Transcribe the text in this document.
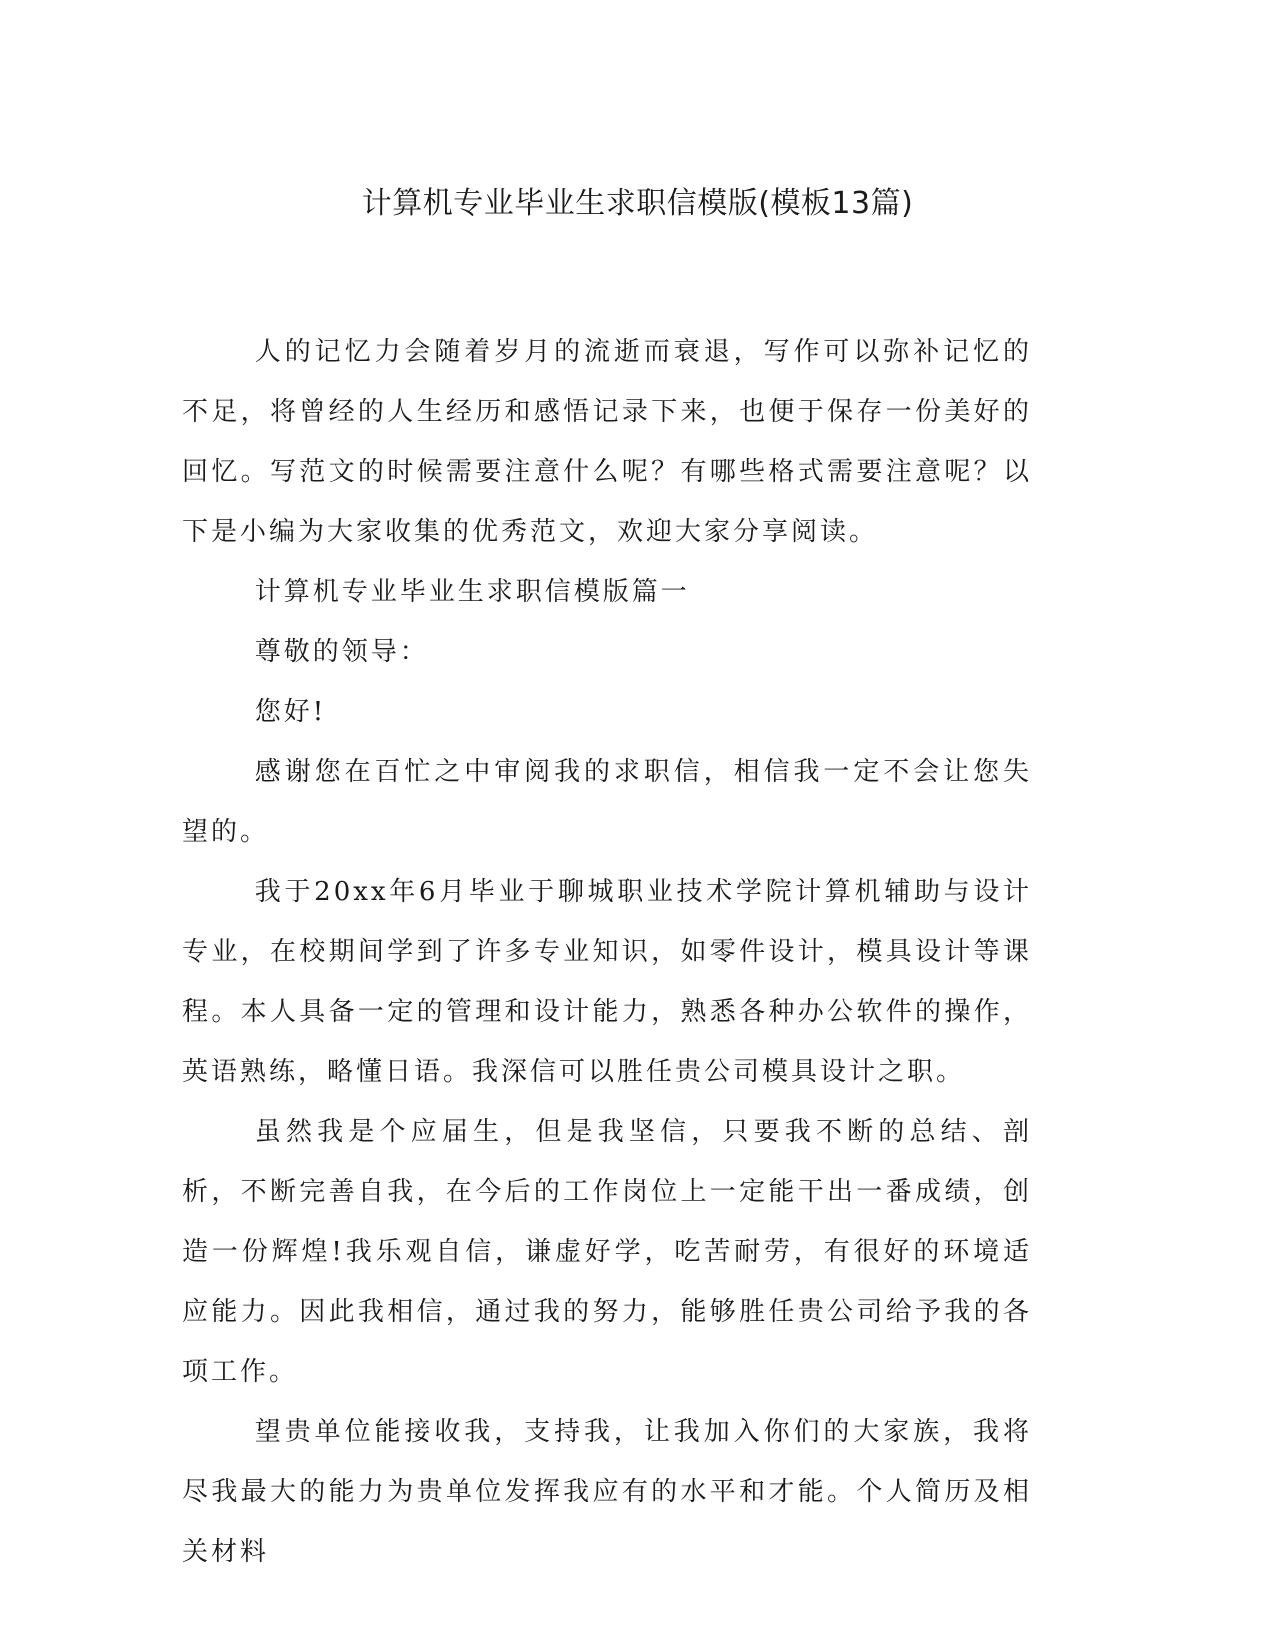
计算机专业毕业生求职信模版(模板13篇)

人的记忆力会随着岁月的流逝而衰退，写作可以弥补记忆的不足，将曾经的人生经历和感悟记录下来，也便于保存一份美好的回忆。写范文的时候需要注意什么呢？有哪些格式需要注意呢？以下是小编为大家收集的优秀范文，欢迎大家分享阅读。

计算机专业毕业生求职信模版篇一

尊敬的领导：

您好!

感谢您在百忙之中审阅我的求职信，相信我一定不会让您失望的。

我于20xx年6月毕业于聊城职业技术学院计算机辅助与设计专业，在校期间学到了许多专业知识，如零件设计，模具设计等课程。本人具备一定的管理和设计能力，熟悉各种办公软件的操作，英语熟练，略懂日语。我深信可以胜任贵公司模具设计之职。

虽然我是个应届生，但是我坚信，只要我不断的总结、剖析，不断完善自我，在今后的工作岗位上一定能干出一番成绩，创造一份辉煌!我乐观自信，谦虚好学，吃苦耐劳，有很好的环境适应能力。因此我相信，通过我的努力，能够胜任贵公司给予我的各项工作。

望贵单位能接收我，支持我，让我加入你们的大家族，我将尽我最大的能力为贵单位发挥我应有的水平和才能。个人简历及相关材料
